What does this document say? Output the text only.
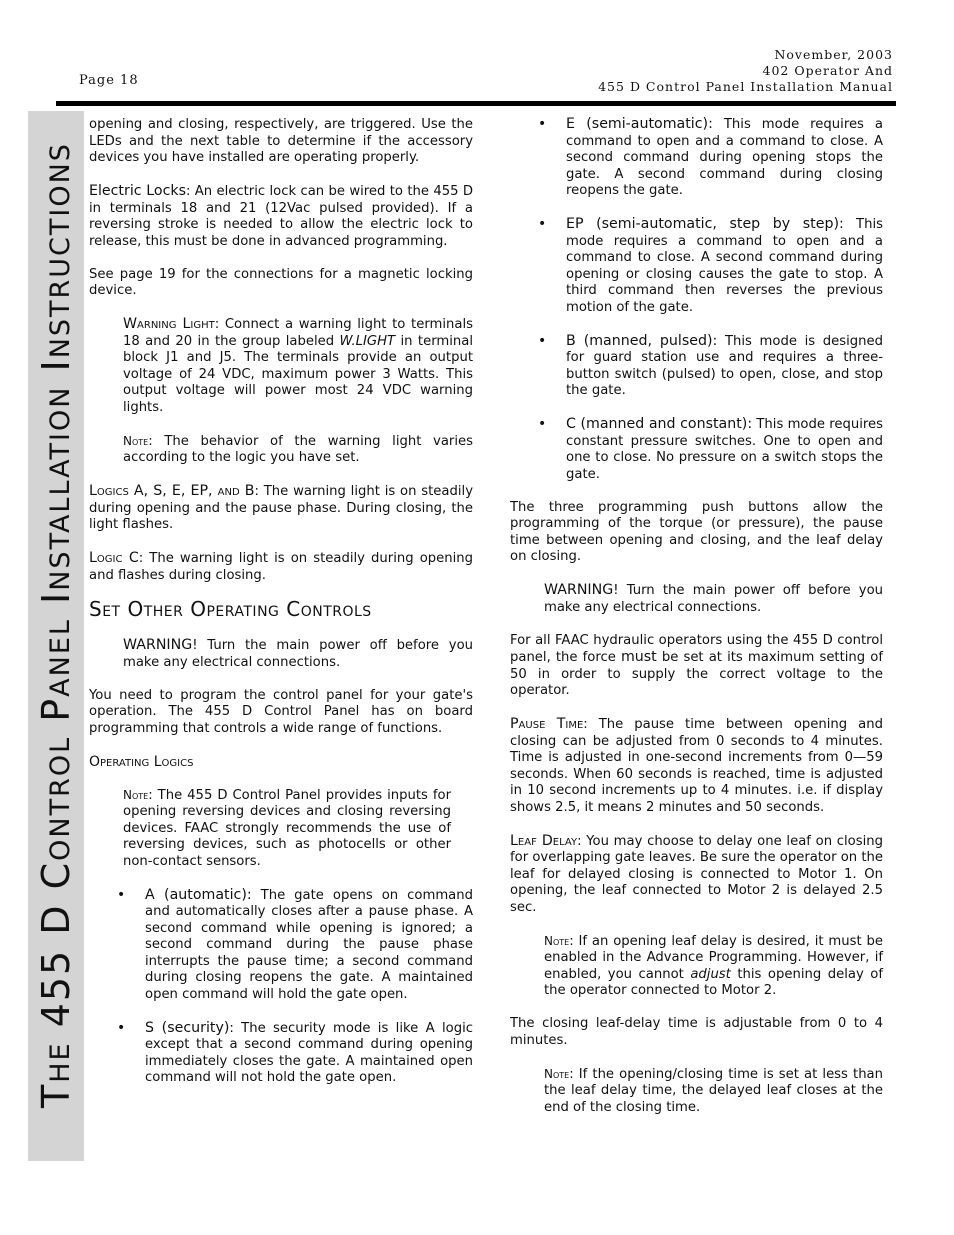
Page 18
November, 2003
402 Operator And
455 D Control Panel Installation Manual
The 455 D Control Panel Installation Instructions

opening and closing, respectively, are triggered. Use the LEDs and the next table to determine if the accessory devices you have installed are operating properly.

Electric Locks: An electric lock can be wired to the 455 D in terminals 18 and 21 (12Vac pulsed provided). If a reversing stroke is needed to allow the electric lock to release, this must be done in advanced programming.

See page 19 for the connections for a magnetic locking device.

Warning Light: Connect a warning light to terminals 18 and 20 in the group labeled W.LIGHT in terminal block J1 and J5. The terminals provide an output voltage of 24 VDC, maximum power 3 Watts. This output voltage will power most 24 VDC warning lights.

Note: The behavior of the warning light varies according to the logic you have set.

Logics A, S, E, EP, and B: The warning light is on steadily during opening and the pause phase. During closing, the light flashes.

Logic C: The warning light is on steadily during opening and flashes during closing.

Set Other Operating Controls

WARNING! Turn the main power off before you make any electrical connections.

You need to program the control panel for your gate's operation. The 455 D Control Panel has on board programming that controls a wide range of functions.

Operating Logics

Note: The 455 D Control Panel provides inputs for opening reversing devices and closing reversing devices. FAAC strongly recommends the use of reversing devices, such as photocells or other non-contact sensors.

• A (automatic): The gate opens on command and automatically closes after a pause phase. A second command while opening is ignored; a second command during the pause phase interrupts the pause time; a second command during closing reopens the gate. A maintained open command will hold the gate open.
• S (security): The security mode is like A logic except that a second command during opening immediately closes the gate. A maintained open command will not hold the gate open.
• E (semi-automatic): This mode requires a command to open and a command to close. A second command during opening stops the gate. A second command during closing reopens the gate.
• EP (semi-automatic, step by step): This mode requires a command to open and a command to close. A second command during opening or closing causes the gate to stop. A third command then reverses the previous motion of the gate.
• B (manned, pulsed): This mode is designed for guard station use and requires a three-button switch (pulsed) to open, close, and stop the gate.
• C (manned and constant): This mode requires constant pressure switches. One to open and one to close. No pressure on a switch stops the gate.

The three programming push buttons allow the programming of the torque (or pressure), the pause time between opening and closing, and the leaf delay on closing.

WARNING! Turn the main power off before you make any electrical connections.

For all FAAC hydraulic operators using the 455 D control panel, the force must be set at its maximum setting of 50 in order to supply the correct voltage to the operator.

Pause Time: The pause time between opening and closing can be adjusted from 0 seconds to 4 minutes. Time is adjusted in one-second increments from 0—59 seconds. When 60 seconds is reached, time is adjusted in 10 second increments up to 4 minutes. i.e. if display shows 2.5, it means 2 minutes and 50 seconds.

Leaf Delay: You may choose to delay one leaf on closing for overlapping gate leaves. Be sure the operator on the leaf for delayed closing is connected to Motor 1. On opening, the leaf connected to Motor 2 is delayed 2.5 sec.

Note: If an opening leaf delay is desired, it must be enabled in the Advance Programming. However, if enabled, you cannot adjust this opening delay of the operator connected to Motor 2.

The closing leaf-delay time is adjustable from 0 to 4 minutes.

Note: If the opening/closing time is set at less than the leaf delay time, the delayed leaf closes at the end of the closing time.
